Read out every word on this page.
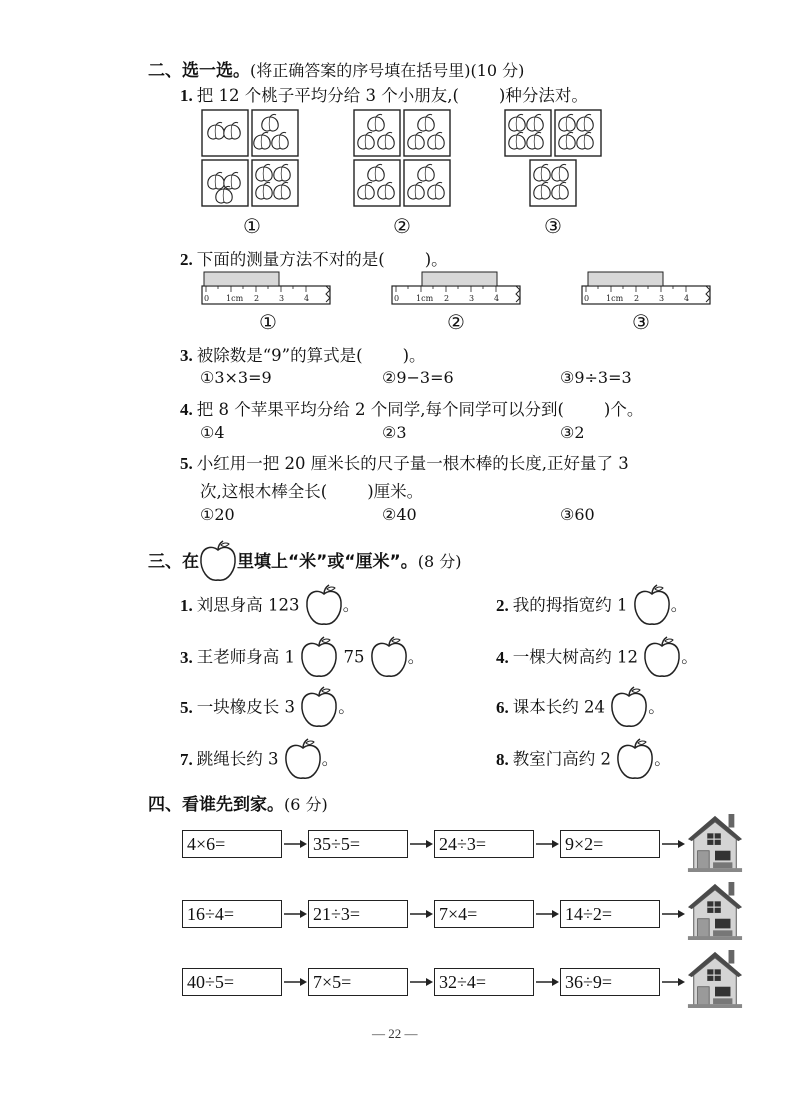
二、选一选。(将正确答案的序号填在括号里)(10 分)
1. 把 12 个桃子平均分给 3 个小朋友,( )种分法对。
①	②	③
2. 下面的测量方法不对的是( )。
0 1cm 2 3 4	0 1cm 2 3 4	0 1cm 2 3 4
①	②	③
3. 被除数是“9”的算式是( )。
①3×3=9	②9−3=6	③9÷3=3
4. 把 8 个苹果平均分给 2 个同学,每个同学可以分到( )个。
①4	②3	③2
5. 小红用一把 20 厘米长的尺子量一根木棒的长度,正好量了 3
次,这根木棒全长( )厘米。
①20	②40	③60
三、在 里填上“米”或“厘米”。(8 分)
1. 刘思身高 123	。	2. 我的拇指宽约 1	。
3. 王老师身高 1	75	。	4. 一棵大树高约 12	。
5. 一块橡皮长 3	。	6. 课本长约 24	。
7. 跳绳长约 3	。	8. 教室门高约 2	。
四、看谁先到家。(6 分)
4×6=	35÷5=	24÷3=	9×2=
16÷4=	21÷3=	7×4=	14÷2=
40÷5=	7×5=	32÷4=	36÷9=
— 22 —
